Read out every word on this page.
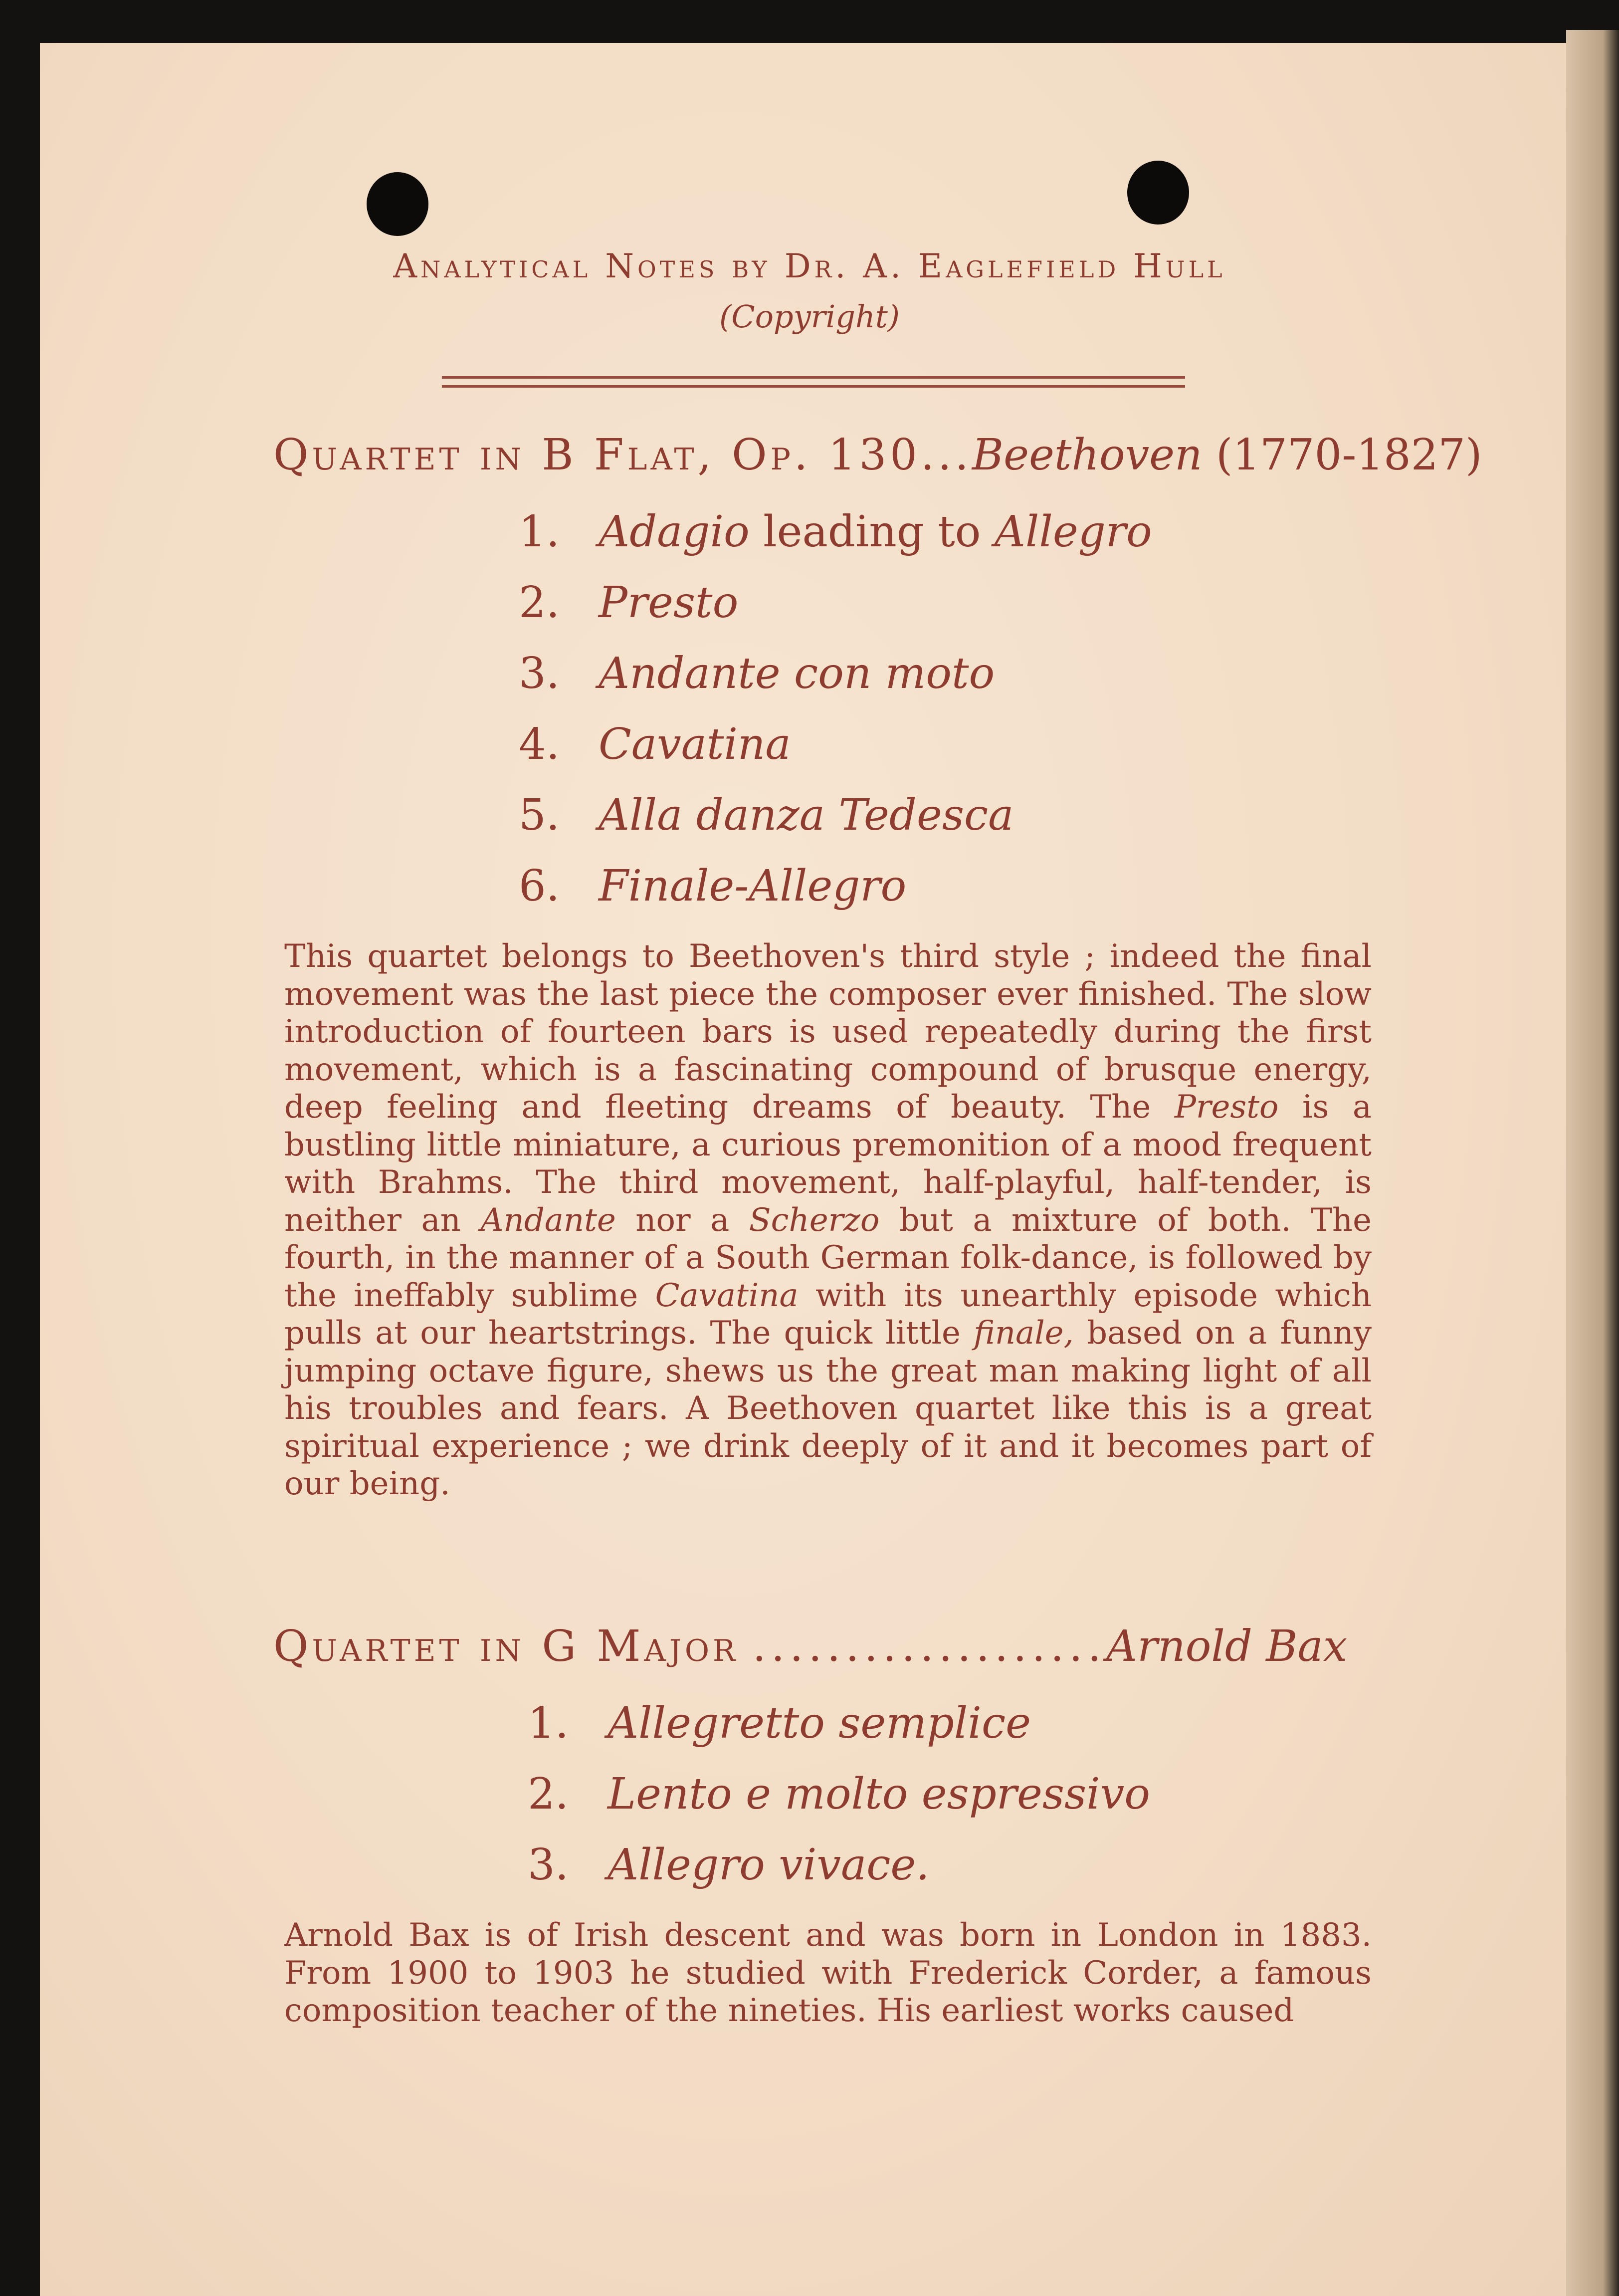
Analytical Notes by Dr. A. Eaglefield Hull
(Copyright)
Quartet in B Flat, Op. 130...Beethoven (1770-1827)
1. Adagio leading to Allegro
2. Presto
3. Andante con moto
4. Cavatina
5. Alla danza Tedesca
6. Finale-Allegro
This quartet belongs to Beethoven's third style ; indeed the final movement was the last piece the composer ever finished. The slow introduction of fourteen bars is used repeatedly during the first movement, which is a fascinating compound of brusque energy, deep feeling and fleeting dreams of beauty. The Presto is a bustling little miniature, a curious premonition of a mood frequent with Brahms. The third movement, half-playful, half-tender, is neither an Andante nor a Scherzo but a mixture of both. The fourth, in the manner of a South German folk-dance, is followed by the ineffably sublime Cavatina with its unearthly episode which pulls at our heartstrings. The quick little finale, based on a funny jumping octave figure, shews us the great man making light of all his troubles and fears. A Beethoven quartet like this is a great spiritual experience ; we drink deeply of it and it becomes part of our being.
Quartet in G Major ...................Arnold Bax
1. Allegretto semplice
2. Lento e molto espressivo
3. Allegro vivace.
Arnold Bax is of Irish descent and was born in London in 1883. From 1900 to 1903 he studied with Frederick Corder, a famous composition teacher of the nineties. His earliest works caused
